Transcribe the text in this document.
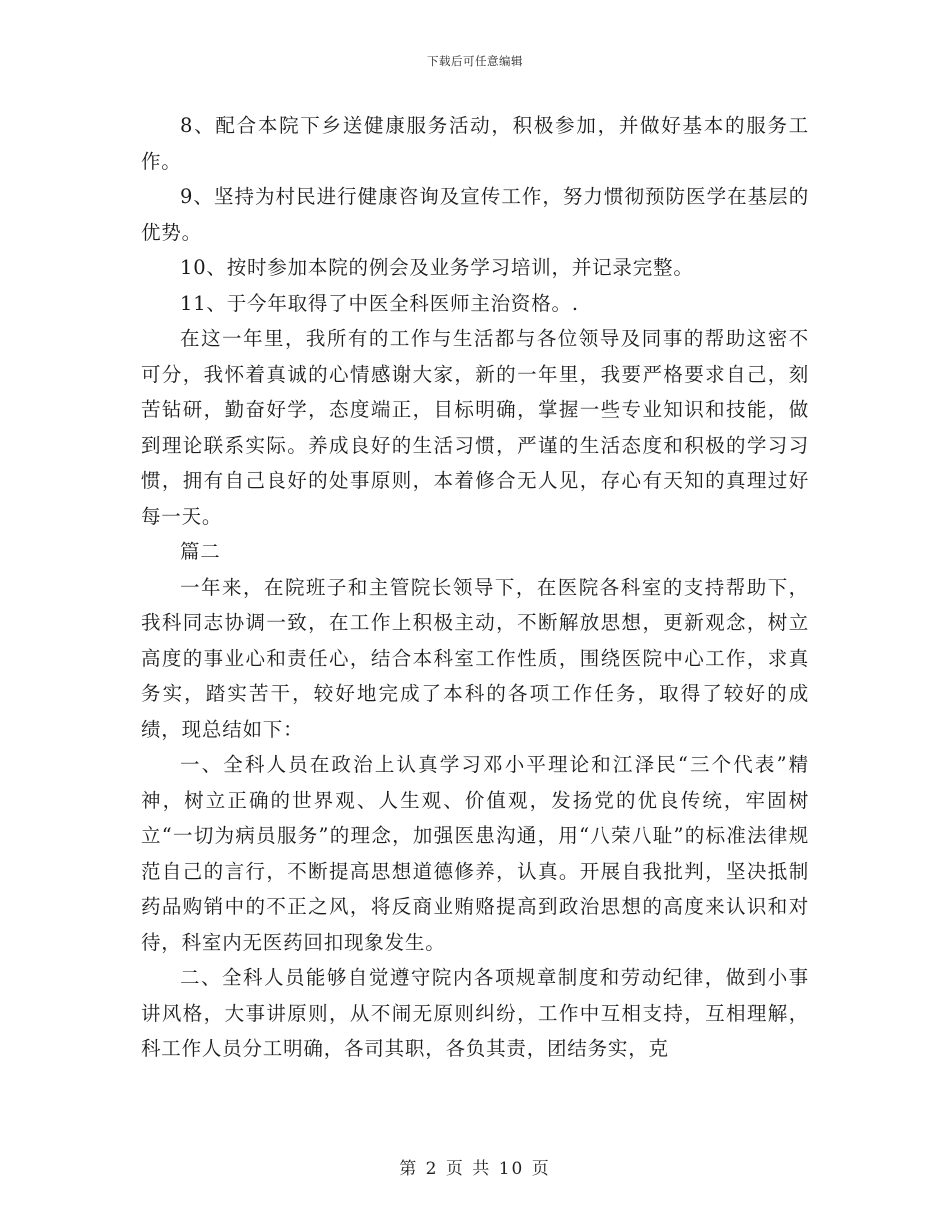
下载后可任意编辑

8、配合本院下乡送健康服务活动，积极参加，并做好基本的服务工作。

9、坚持为村民进行健康咨询及宣传工作，努力惯彻预防医学在基层的优势。

10、按时参加本院的例会及业务学习培训，并记录完整。

11、于今年取得了中医全科医师主治资格。.

在这一年里，我所有的工作与生活都与各位领导及同事的帮助这密不可分，我怀着真诚的心情感谢大家，新的一年里，我要严格要求自己，刻苦钻研，勤奋好学，态度端正，目标明确，掌握一些专业知识和技能，做到理论联系实际。养成良好的生活习惯，严谨的生活态度和积极的学习习惯，拥有自己良好的处事原则，本着修合无人见，存心有天知的真理过好每一天。

篇二

一年来，在院班子和主管院长领导下，在医院各科室的支持帮助下，我科同志协调一致，在工作上积极主动，不断解放思想，更新观念，树立高度的事业心和责任心，结合本科室工作性质，围绕医院中心工作，求真务实，踏实苦干，较好地完成了本科的各项工作任务，取得了较好的成绩，现总结如下：

一、全科人员在政治上认真学习邓小平理论和江泽民“三个代表”精神，树立正确的世界观、人生观、价值观，发扬党的优良传统，牢固树立“一切为病员服务”的理念，加强医患沟通，用“八荣八耻”的标准法律规范自己的言行，不断提高思想道德修养，认真。开展自我批判，坚决抵制药品购销中的不正之风，将反商业贿赂提高到政治思想的高度来认识和对待，科室内无医药回扣现象发生。

二、全科人员能够自觉遵守院内各项规章制度和劳动纪律，做到小事讲风格，大事讲原则，从不闹无原则纠纷，工作中互相支持，互相理解，科工作人员分工明确，各司其职，各负其责，团结务实，克

第 2 页 共 10 页
